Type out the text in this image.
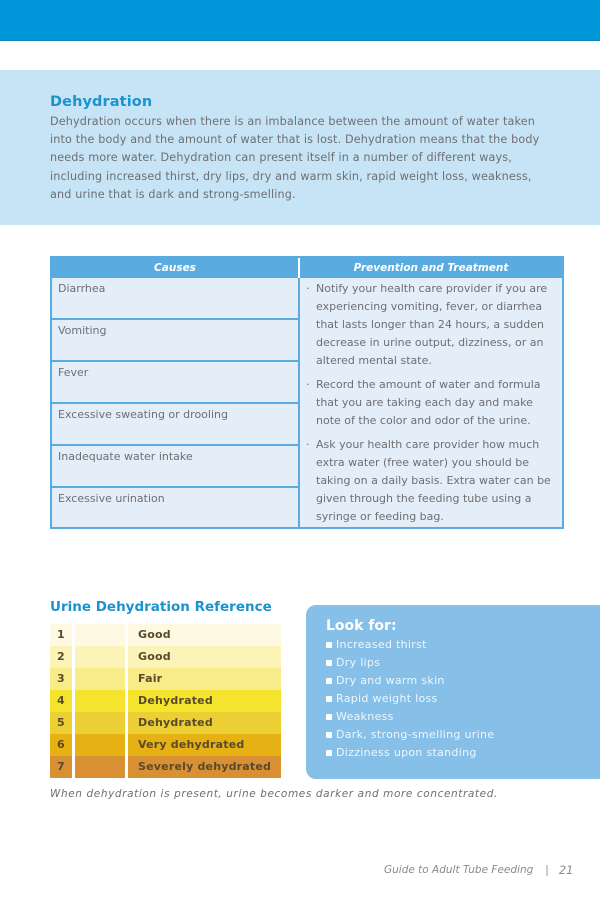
Dehydration

Dehydration occurs when there is an imbalance between the amount of water taken into the body and the amount of water that is lost. Dehydration means that the body needs more water. Dehydration can present itself in a number of different ways, including increased thirst, dry lips, dry and warm skin, rapid weight loss, weakness, and urine that is dark and strong-smelling.

Causes	Prevention and Treatment
Diarrhea
Vomiting
Fever
Excessive sweating or drooling
Inadequate water intake
Excessive urination
· Notify your health care provider if you are experiencing vomiting, fever, or diarrhea that lasts longer than 24 hours, a sudden decrease in urine output, dizziness, or an altered mental state.
· Record the amount of water and formula that you are taking each day and make note of the color and odor of the urine.
· Ask your health care provider how much extra water (free water) you should be taking on a daily basis. Extra water can be given through the feeding tube using a syringe or feeding bag.
Urine Dehydration Reference
1	Good
2	Good
3	Fair
4	Dehydrated
5	Dehydrated
6	Very dehydrated
7	Severely dehydrated

When dehydration is present, urine becomes darker and more concentrated.

Look for:
Increased thirst
Dry lips
Dry and warm skin
Rapid weight loss
Weakness
Dark, strong-smelling urine
Dizziness upon standing
Guide to Adult Tube Feeding | 21
